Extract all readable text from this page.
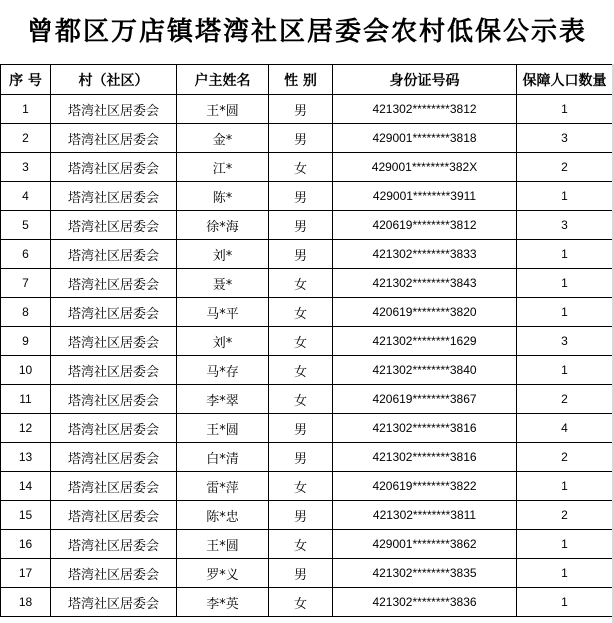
曾都区万店镇塔湾社区居委会农村低保公示表
序 号	村（社区）	户主姓名	性 别	身份证号码	保障人口数量
1	塔湾社区居委会	王*圆	男	421302********3812	1
2	塔湾社区居委会	金*	男	429001********3818	3
3	塔湾社区居委会	江*	女	429001********382X	2
4	塔湾社区居委会	陈*	男	429001********3911	1
5	塔湾社区居委会	徐*海	男	420619********3812	3
6	塔湾社区居委会	刘*	男	421302********3833	1
7	塔湾社区居委会	聂*	女	421302********3843	1
8	塔湾社区居委会	马*平	女	420619********3820	1
9	塔湾社区居委会	刘*	女	421302********1629	3
10	塔湾社区居委会	马*存	女	421302********3840	1
11	塔湾社区居委会	李*翠	女	420619********3867	2
12	塔湾社区居委会	王*圆	男	421302********3816	4
13	塔湾社区居委会	白*清	男	421302********3816	2
14	塔湾社区居委会	雷*萍	女	420619********3822	1
15	塔湾社区居委会	陈*忠	男	421302********3811	2
16	塔湾社区居委会	王*圆	女	429001********3862	1
17	塔湾社区居委会	罗*义	男	421302********3835	1
18	塔湾社区居委会	李*英	女	421302********3836	1
